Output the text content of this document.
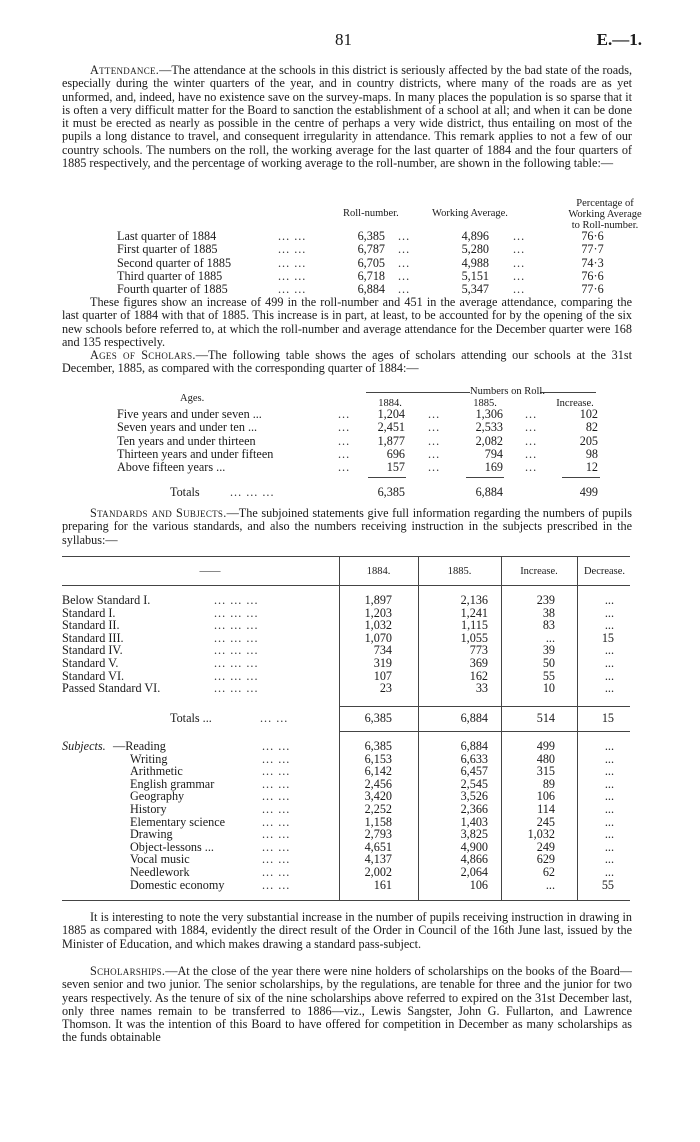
81	E.—1.

Attendance.—The attendance at the schools in this district is seriously affected by the bad state of the roads, especially during the winter quarters of the year, and in country districts, where many of the roads are as yet unformed, and, indeed, have no existence save on the survey-maps. In many places the population is so sparse that it is often a very difficult matter for the Board to sanction the establishment of a school at all; and when it can be done it must be erected as nearly as possible in the centre of perhaps a very wide district, thus entailing on most of the pupils a long distance to travel, and consequent irregularity in attendance. This remark applies to not a few of our country schools. The numbers on the roll, the working average for the last quarter of 1884 and the four quarters of 1885 respectively, and the percentage of working average to the roll-number, are shown in the following table:—

Roll-number.	Working Average.
Percentage of
Working Average
to Roll-number.
Last quarter of 1884	... ...	6,385 ...	4,896 ...	76·6
First quarter of 1885	... ...	6,787 ...	5,280 ...	77·7
Second quarter of 1885	... ...	6,705 ...	4,988 ...	74·3
Third quarter of 1885	... ...	6,718 ...	5,151 ...	76·6
Fourth quarter of 1885	... ...	6,884 ...	5,347 ...	77·6

These figures show an increase of 499 in the roll-number and 451 in the average attendance, comparing the last quarter of 1884 with that of 1885. This increase is in part, at least, to be accounted for by the opening of the six new schools before referred to, at which the roll-number and average attendance for the December quarter were 168 and 135 respectively.

Ages of Scholars.—The following table shows the ages of scholars attending our schools at the 31st December, 1885, as compared with the corresponding quarter of 1884:—

Ages.
Numbers on Roll.
1884.	1885.	Increase.
Five years and under seven ...	...	1,204 ...	1,306 ...	102
Seven years and under ten ...	...	2,451 ...	2,533 ...	82
Ten years and under thirteen	...	1,877 ...	2,082 ...	205
Thirteen years and under fifteen	...	696 ...	794 ...	98
Above fifteen years ...	...	157 ...	169 ...	12
Totals ... ... ...	6,385	6,884	499

Standards and Subjects.—The subjoined statements give full information regarding the numbers of pupils preparing for the various standards, and also the numbers receiving instruction in the subjects prescribed in the syllabus:—

——	1884.	1885.	Increase.	Decrease.
Below Standard I.	... ... ...	1,897	2,136	239	...
Standard I.	... ... ...	1,203	1,241	38	...
Standard II.	... ... ...	1,032	1,115	83	...
Standard III.	... ... ...	1,070	1,055	...	15
Standard IV.	... ... ...	734	773	39	...
Standard V.	... ... ...	319	369	50	...
Standard VI.	... ... ...	107	162	55	...
Passed Standard VI.	... ... ...	23	33	10	...
Totals ...	... ...	6,385	6,884	514	15
Subjects. —Reading	... ...	6,385	6,884	499	...
Writing	... ...	6,153	6,633	480	...
Arithmetic	... ...	6,142	6,457	315	...
English grammar	... ...	2,456	2,545	89	...
Geography	... ...	3,420	3,526	106	...
History	... ...	2,252	2,366	114	...
Elementary science	... ...	1,158	1,403	245	...
Drawing	... ...	2,793	3,825	1,032	...
Object-lessons ...	... ...	4,651	4,900	249	...
Vocal music	... ...	4,137	4,866	629	...
Needlework	... ...	2,002	2,064	62	...
Domestic economy	... ...	161	106	...	55

It is interesting to note the very substantial increase in the number of pupils receiving instruction in drawing in 1885 as compared with 1884, evidently the direct result of the Order in Council of the 16th June last, issued by the Minister of Education, and which makes drawing a standard pass-subject.

Scholarships.—At the close of the year there were nine holders of scholarships on the books of the Board—seven senior and two junior. The senior scholarships, by the regulations, are tenable for three and the junior for two years respectively. As the tenure of six of the nine scholarships above referred to expired on the 31st December last, only three names remain to be transferred to 1886—viz., Lewis Sangster, John G. Fullarton, and Lawrence Thomson. It was the intention of this Board to have offered for competition in December as many scholarships as the funds obtainable
